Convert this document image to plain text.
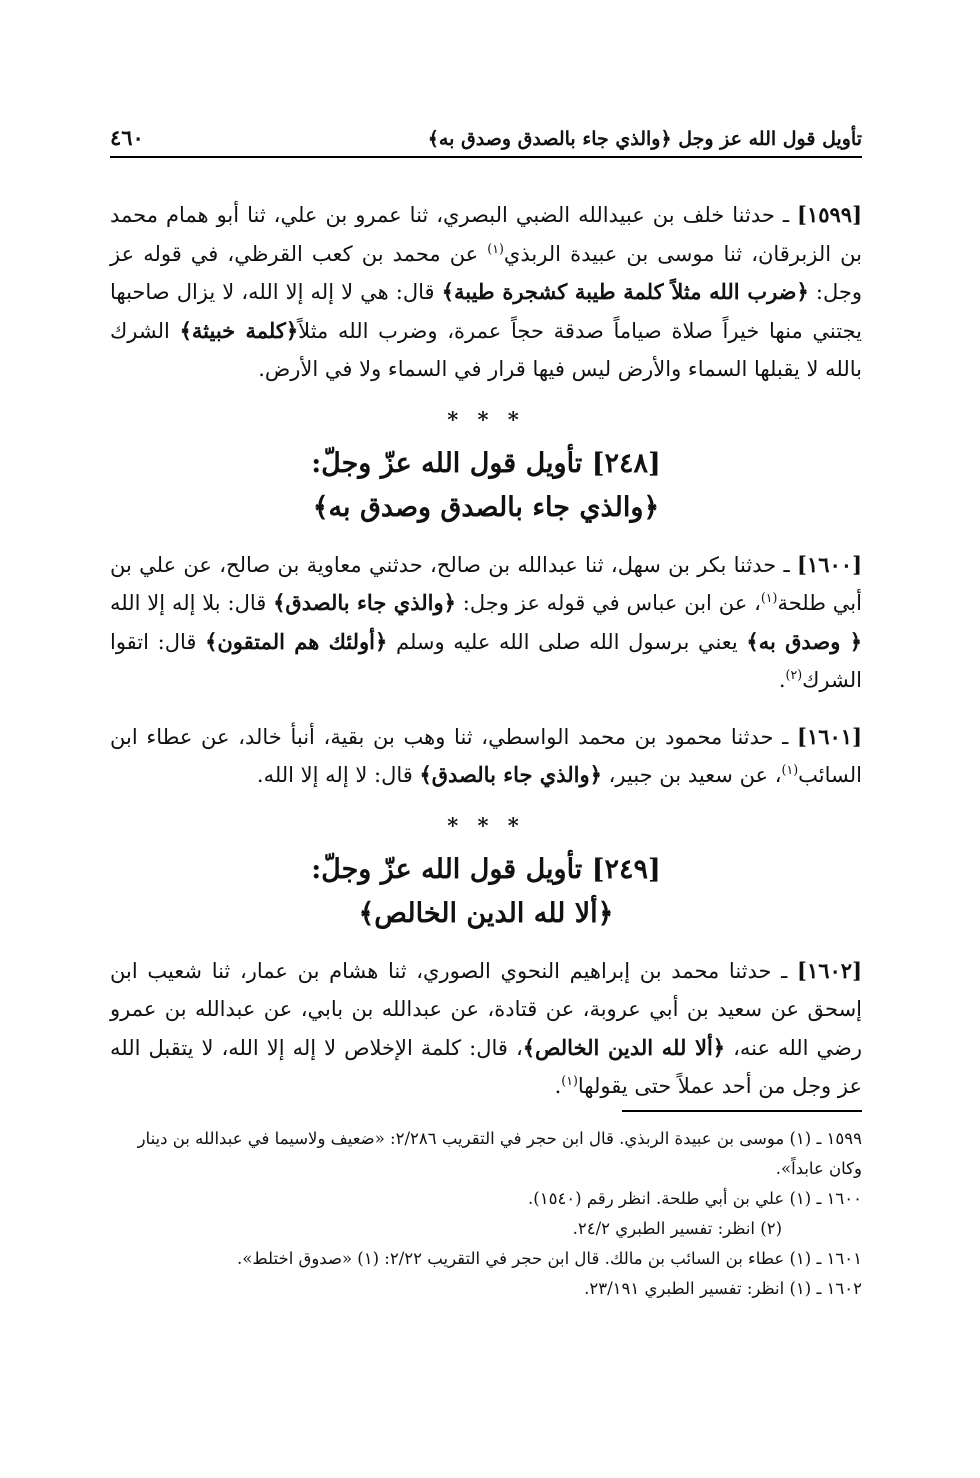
تأويل قول الله عز وجل ﴿والذي جاء بالصدق وصدق به﴾
٤٦٠

[١٥٩٩] ـ حدثنا خلف بن عبيدالله الضبي البصري، ثنا عمرو بن علي، ثنا أبو همام محمد بن الزبرقان، ثنا موسى بن عبيدة الربذي$^{(١)}$ عن محمد بن كعب القرظي، في قوله عز وجل: ﴿ضرب الله مثلاً كلمة طيبة كشجرة طيبة﴾ قال: هي لا إله إلا الله، لا يزال صاحبها يجتني منها خيراً صلاة صياماً صدقة حجاً عمرة، وضرب الله مثلاً﴿كلمة خبيثة﴾ الشرك بالله لا يقبلها السماء والأرض ليس فيها قرار في السماء ولا في الأرض.

* * *
[٢٤٨] تأويل قول الله عزّ وجلّ:
﴿والذي جاء بالصدق وصدق به﴾

[١٦٠٠] ـ حدثنا بكر بن سهل، ثنا عبدالله بن صالح، حدثني معاوية بن صالح، عن علي بن أبي طلحة$^{(١)}$، عن ابن عباس في قوله عز وجل: ﴿والذي جاء بالصدق﴾ قال: بلا إله إلا الله ﴿ وصدق به﴾ يعني برسول الله صلى الله عليه وسلم ﴿أولئك هم المتقون﴾ قال: اتقوا الشرك$^{(٢)}$.

[١٦٠١] ـ حدثنا محمود بن محمد الواسطي، ثنا وهب بن بقية، أنبأ خالد، عن عطاء ابن السائب$^{(١)}$، عن سعيد بن جبير، ﴿والذي جاء بالصدق﴾ قال: لا إله إلا الله.

* * *
[٢٤٩] تأويل قول الله عزّ وجلّ:
﴿ألا لله الدين الخالص﴾

[١٦٠٢] ـ حدثنا محمد بن إبراهيم النحوي الصوري، ثنا هشام بن عمار، ثنا شعيب ابن إسحق عن سعيد بن أبي عروبة، عن قتادة، عن عبدالله بن بابي، عن عبدالله بن عمرو رضي الله عنه، ﴿ألا لله الدين الخالص﴾، قال: كلمة الإخلاص لا إله إلا الله، لا يتقبل الله عز وجل من أحد عملاً حتى يقولها$^{(١)}$.

١٥٩٩ ـ (١) موسى بن عبيدة الربذي. قال ابن حجر في التقريب ٢/٢٨٦: «ضعيف ولاسيما في عبدالله بن دينار وكان عابداً».

١٦٠٠ ـ (١) علي بن أبي طلحة. انظر رقم (١٥٤٠).

(٢) انظر: تفسير الطبري ٢٤/٢.

١٦٠١ ـ (١) عطاء بن السائب بن مالك. قال ابن حجر في التقريب ٢/٢٢: (١) «صدوق اختلط».

١٦٠٢ ـ (١) انظر: تفسير الطبري ٢٣/١٩١.
